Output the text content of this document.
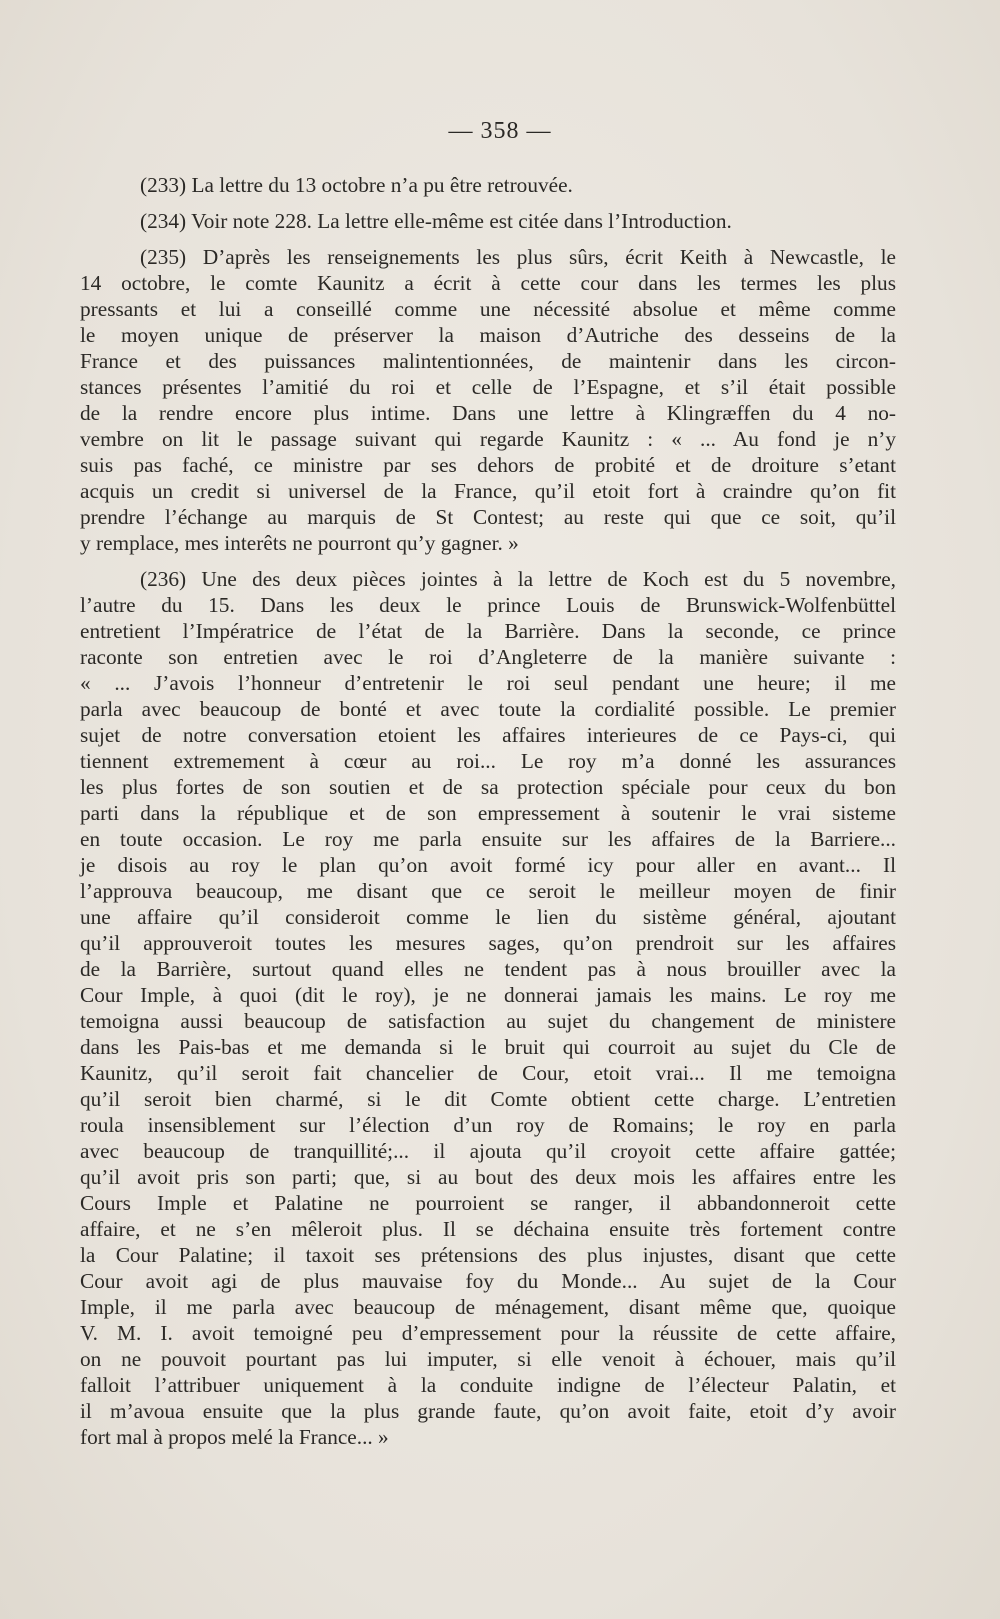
— 358 —
(233) La lettre du 13 octobre n’a pu être retrouvée.
(234) Voir note 228. La lettre elle-même est citée dans l’Introduction.
(235) D’après les renseignements les plus sûrs, écrit Keith à Newcastle, le
14 octobre, le comte Kaunitz a écrit à cette cour dans les termes les plus
pressants et lui a conseillé comme une nécessité absolue et même comme
le moyen unique de préserver la maison d’Autriche des desseins de la
France et des puissances malintentionnées, de maintenir dans les circon-
stances présentes l’amitié du roi et celle de l’Espagne, et s’il était possible
de la rendre encore plus intime. Dans une lettre à Klingræffen du 4 no-
vembre on lit le passage suivant qui regarde Kaunitz : « ... Au fond je n’y
suis pas faché, ce ministre par ses dehors de probité et de droiture s’etant
acquis un credit si universel de la France, qu’il etoit fort à craindre qu’on fit
prendre l’échange au marquis de St Contest; au reste qui que ce soit, qu’il
y remplace, mes interêts ne pourront qu’y gagner. »
(236) Une des deux pièces jointes à la lettre de Koch est du 5 novembre,
l’autre du 15. Dans les deux le prince Louis de Brunswick-Wolfenbüttel
entretient l’Impératrice de l’état de la Barrière. Dans la seconde, ce prince
raconte son entretien avec le roi d’Angleterre de la manière suivante :
« ... J’avois l’honneur d’entretenir le roi seul pendant une heure; il me
parla avec beaucoup de bonté et avec toute la cordialité possible. Le premier
sujet de notre conversation etoient les affaires interieures de ce Pays-ci, qui
tiennent extremement à cœur au roi... Le roy m’a donné les assurances
les plus fortes de son soutien et de sa protection spéciale pour ceux du bon
parti dans la république et de son empressement à soutenir le vrai sisteme
en toute occasion. Le roy me parla ensuite sur les affaires de la Barriere...
je disois au roy le plan qu’on avoit formé icy pour aller en avant... Il
l’approuva beaucoup, me disant que ce seroit le meilleur moyen de finir
une affaire qu’il consideroit comme le lien du sistème général, ajoutant
qu’il approuveroit toutes les mesures sages, qu’on prendroit sur les affaires
de la Barrière, surtout quand elles ne tendent pas à nous brouiller avec la
Cour Imple, à quoi (dit le roy), je ne donnerai jamais les mains. Le roy me
temoigna aussi beaucoup de satisfaction au sujet du changement de ministere
dans les Pais-bas et me demanda si le bruit qui courroit au sujet du Cle de
Kaunitz, qu’il seroit fait chancelier de Cour, etoit vrai... Il me temoigna
qu’il seroit bien charmé, si le dit Comte obtient cette charge. L’entretien
roula insensiblement sur l’élection d’un roy de Romains; le roy en parla
avec beaucoup de tranquillité;... il ajouta qu’il croyoit cette affaire gattée;
qu’il avoit pris son parti; que, si au bout des deux mois les affaires entre les
Cours Imple et Palatine ne pourroient se ranger, il abbandonneroit cette
affaire, et ne s’en mêleroit plus. Il se déchaina ensuite très fortement contre
la Cour Palatine; il taxoit ses prétensions des plus injustes, disant que cette
Cour avoit agi de plus mauvaise foy du Monde... Au sujet de la Cour
Imple, il me parla avec beaucoup de ménagement, disant même que, quoique
V. M. I. avoit temoigné peu d’empressement pour la réussite de cette affaire,
on ne pouvoit pourtant pas lui imputer, si elle venoit à échouer, mais qu’il
falloit l’attribuer uniquement à la conduite indigne de l’électeur Palatin, et
il m’avoua ensuite que la plus grande faute, qu’on avoit faite, etoit d’y avoir
fort mal à propos melé la France... »
